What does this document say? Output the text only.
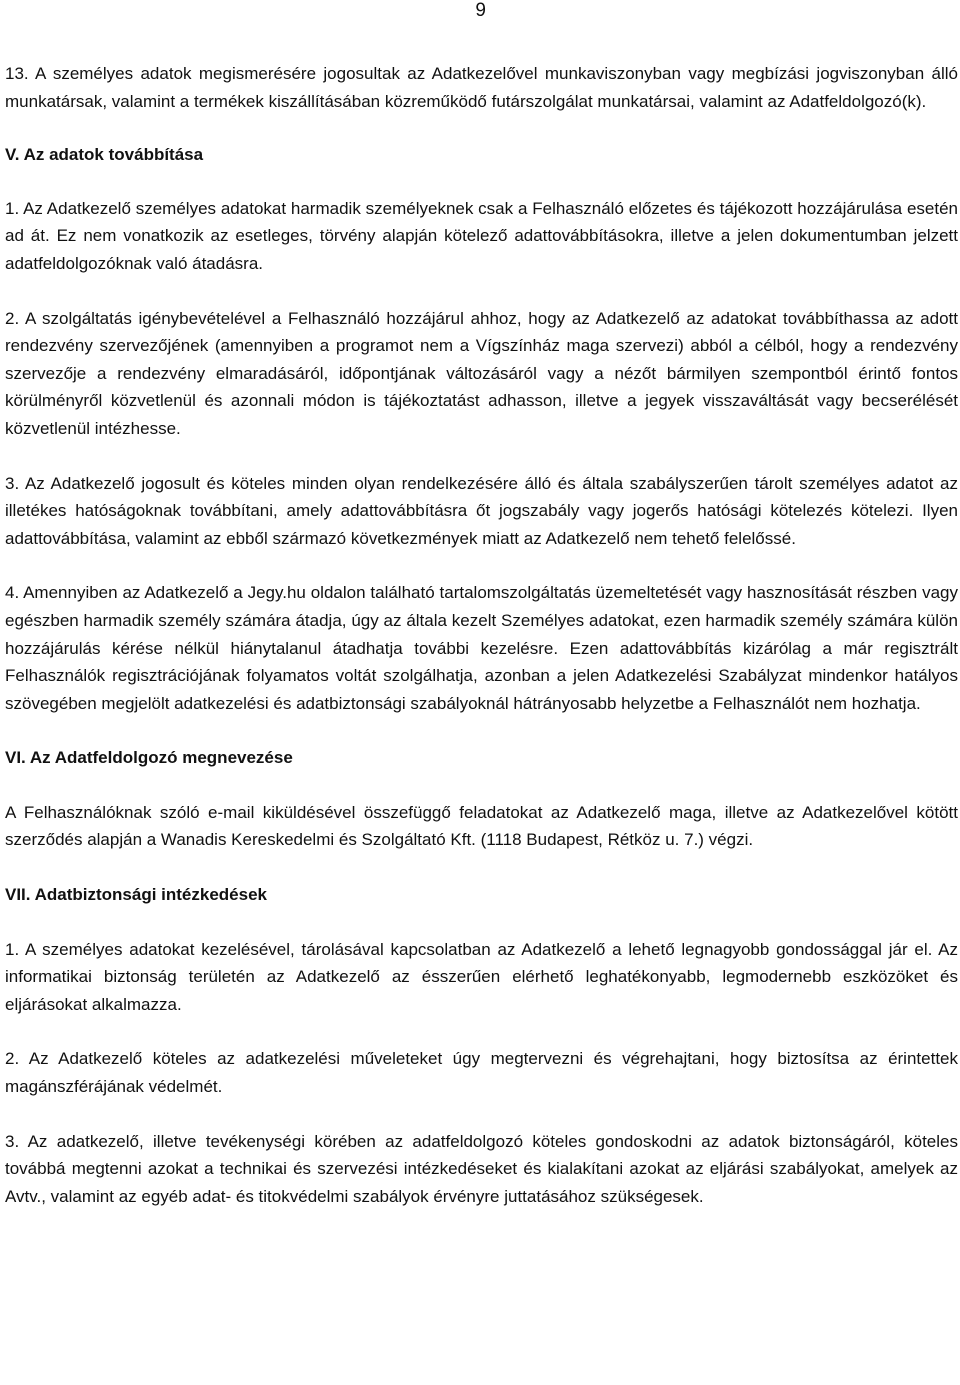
9

13. A személyes adatok megismerésére jogosultak az Adatkezelővel munkaviszonyban vagy megbízási jogviszonyban álló munkatársak, valamint a termékek kiszállításában közreműködő futárszolgálat munkatársai, valamint az Adatfeldolgozó(k).

V. Az adatok továbbítása

1. Az Adatkezelő személyes adatokat harmadik személyeknek csak a Felhasználó előzetes és tájékozott hozzájárulása esetén ad át. Ez nem vonatkozik az esetleges, törvény alapján kötelező adattovábbításokra, illetve a jelen dokumentumban jelzett adatfeldolgozóknak való átadásra.

2. A szolgáltatás igénybevételével a Felhasználó hozzájárul ahhoz, hogy az Adatkezelő az adatokat továbbíthassa az adott rendezvény szervezőjének (amennyiben a programot nem a Vígszínház maga szervezi) abból a célból, hogy a rendezvény szervezője a rendezvény elmaradásáról, időpontjának változásáról vagy a nézőt bármilyen szempontból érintő fontos körülményről közvetlenül és azonnali módon is tájékoztatást adhasson, illetve a jegyek visszaváltását vagy becserélését közvetlenül intézhesse.

3. Az Adatkezelő jogosult és köteles minden olyan rendelkezésére álló és általa szabályszerűen tárolt személyes adatot az illetékes hatóságoknak továbbítani, amely adattovábbításra őt jogszabály vagy jogerős hatósági kötelezés kötelezi. Ilyen adattovábbítása, valamint az ebből származó következmények miatt az Adatkezelő nem tehető felelőssé.

4. Amennyiben az Adatkezelő a Jegy.hu oldalon található tartalomszolgáltatás üzemeltetését vagy hasznosítását részben vagy egészben harmadik személy számára átadja, úgy az általa kezelt Személyes adatokat, ezen harmadik személy számára külön hozzájárulás kérése nélkül hiánytalanul átadhatja további kezelésre. Ezen adattovábbítás kizárólag a már regisztrált Felhasználók regisztrációjának folyamatos voltát szolgálhatja, azonban a jelen Adatkezelési Szabályzat mindenkor hatályos szövegében megjelölt adatkezelési és adatbiztonsági szabályoknál hátrányosabb helyzetbe a Felhasználót nem hozhatja.

VI. Az Adatfeldolgozó megnevezése

A Felhasználóknak szóló e-mail kiküldésével összefüggő feladatokat az Adatkezelő maga, illetve az Adatkezelővel kötött szerződés alapján a Wanadis Kereskedelmi és Szolgáltató Kft. (1118 Budapest, Rétköz u. 7.) végzi.

VII. Adatbiztonsági intézkedések

1. A személyes adatokat kezelésével, tárolásával kapcsolatban az Adatkezelő a lehető legnagyobb gondossággal jár el. Az informatikai biztonság területén az Adatkezelő az ésszerűen elérhető leghatékonyabb, legmodernebb eszközöket és eljárásokat alkalmazza.

2. Az Adatkezelő köteles az adatkezelési műveleteket úgy megtervezni és végrehajtani, hogy biztosítsa az érintettek magánszférájának védelmét.

3. Az adatkezelő, illetve tevékenységi körében az adatfeldolgozó köteles gondoskodni az adatok biztonságáról, köteles továbbá megtenni azokat a technikai és szervezési intézkedéseket és kialakítani azokat az eljárási szabályokat, amelyek az Avtv., valamint az egyéb adat- és titokvédelmi szabályok érvényre juttatásához szükségesek.
